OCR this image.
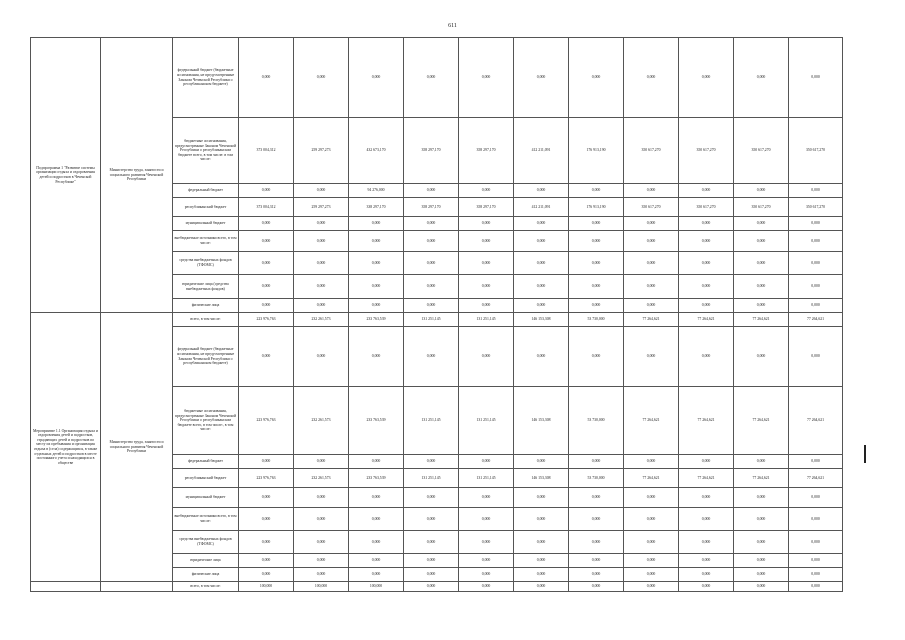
611
Подпрограмма 1 "Развитие системы организации отдыха и оздоровления детей и подростков в Чеченской Республике"	Министерство труда, занятости и социального развития Чеченской Республики	федеральный бюджет (бюджетные ассигнования, не предусмотренные Законом Чеченской Республики о республиканском бюджете)	0,000	0,000	0,000	0,000	0,000	0,000	0,000	0,000	0,000	0,000	0,000
		бюджетные ассигнования, предусмотренные Законом Чеченской Республики о республиканском бюджете всего, в том числе: в том числе:	373 004,312	259 297,273	432 673,170	358 297,170	358 297,170	412 211,091	176 913,190	350 617,270	350 617,270	350 617,270	350 617,270
		федеральный бюджет	0,000	0,000	94 276,000	0,000	0,000	0,000	0,000	0,000	0,000	0,000	0,000
		республиканский бюджет	373 004,312	259 297,273	338 297,170	358 297,170	358 297,170	412 211,091	176 913,190	350 617,270	350 617,270	350 617,270	350 617,270
		муниципальный бюджет	0,000	0,000	0,000	0,000	0,000	0,000	0,000	0,000	0,000	0,000	0,000
		внебюджетные источники всего, в том числе:	0,000	0,000	0,000	0,000	0,000	0,000	0,000	0,000	0,000	0,000	0,000
		средства внебюджетных фондов (ТФОМС)	0,000	0,000	0,000	0,000	0,000	0,000	0,000	0,000	0,000	0,000	0,000
		юридические лица (средства внебюджетных фондов)	0,000	0,000	0,000	0,000	0,000	0,000	0,000	0,000	0,000	0,000	0,000
		физические лица	0,000	0,000	0,000	0,000	0,000	0,000	0,000	0,000	0,000	0,000	0,000
Мероприятие 1.1 Организация отдыха и оздоровления детей и подростков, страдающих детей и подростков по месту их пребывания и организация отдыха в (села) содержащихся, в также отдельных детей и подростков в месте постоянного учета и находящихся в обществе	Министерство труда, занятости и социального развития Чеченской Республики	всего, в том числе:	223 976,763	232 261,573	233 763,539	131 251,145	131 251,145	146 153,308	53 730,000	77 264,621	77 264,621	77 264,621	77 264,621
		федеральный бюджет (бюджетные ассигнования, не предусмотренные Законом Чеченской Республики о республиканском бюджете)	0,000	0,000	0,000	0,000	0,000	0,000	0,000	0,000	0,000	0,000	0,000
		бюджетные ассигнования, предусмотренные Законом Чеченской Республики о республиканском бюджете всего, в том числе:, в том числе:	223 976,763	232 261,573	233 763,539	131 251,145	131 251,145	146 153,308	53 730,000	77 264,621	77 264,621	77 264,621	77 264,621
		федеральный бюджет	0,000	0,000	0,000	0,000	0,000	0,000	0,000	0,000	0,000	0,000	0,000
		республиканский бюджет	223 976,763	232 261,573	233 763,539	131 251,145	131 251,145	146 153,308	53 730,000	77 264,621	77 264,621	77 264,621	77 264,621
		муниципальный бюджет	0,000	0,000	0,000	0,000	0,000	0,000	0,000	0,000	0,000	0,000	0,000
		внебюджетные источники всего, в том числе:	0,000	0,000	0,000	0,000	0,000	0,000	0,000	0,000	0,000	0,000	0,000
		средства внебюджетных фондов (ТФОМС)	0,000	0,000	0,000	0,000	0,000	0,000	0,000	0,000	0,000	0,000	0,000
		юридические лица	0,000	0,000	0,000	0,000	0,000	0,000	0,000	0,000	0,000	0,000	0,000
		физические лица	0,000	0,000	0,000	0,000	0,000	0,000	0,000	0,000	0,000	0,000	0,000
		всего, в том числе:	100,000	100,000	100,000	0,000	0,000	0,000	0,000	0,000	0,000	0,000	0,000
